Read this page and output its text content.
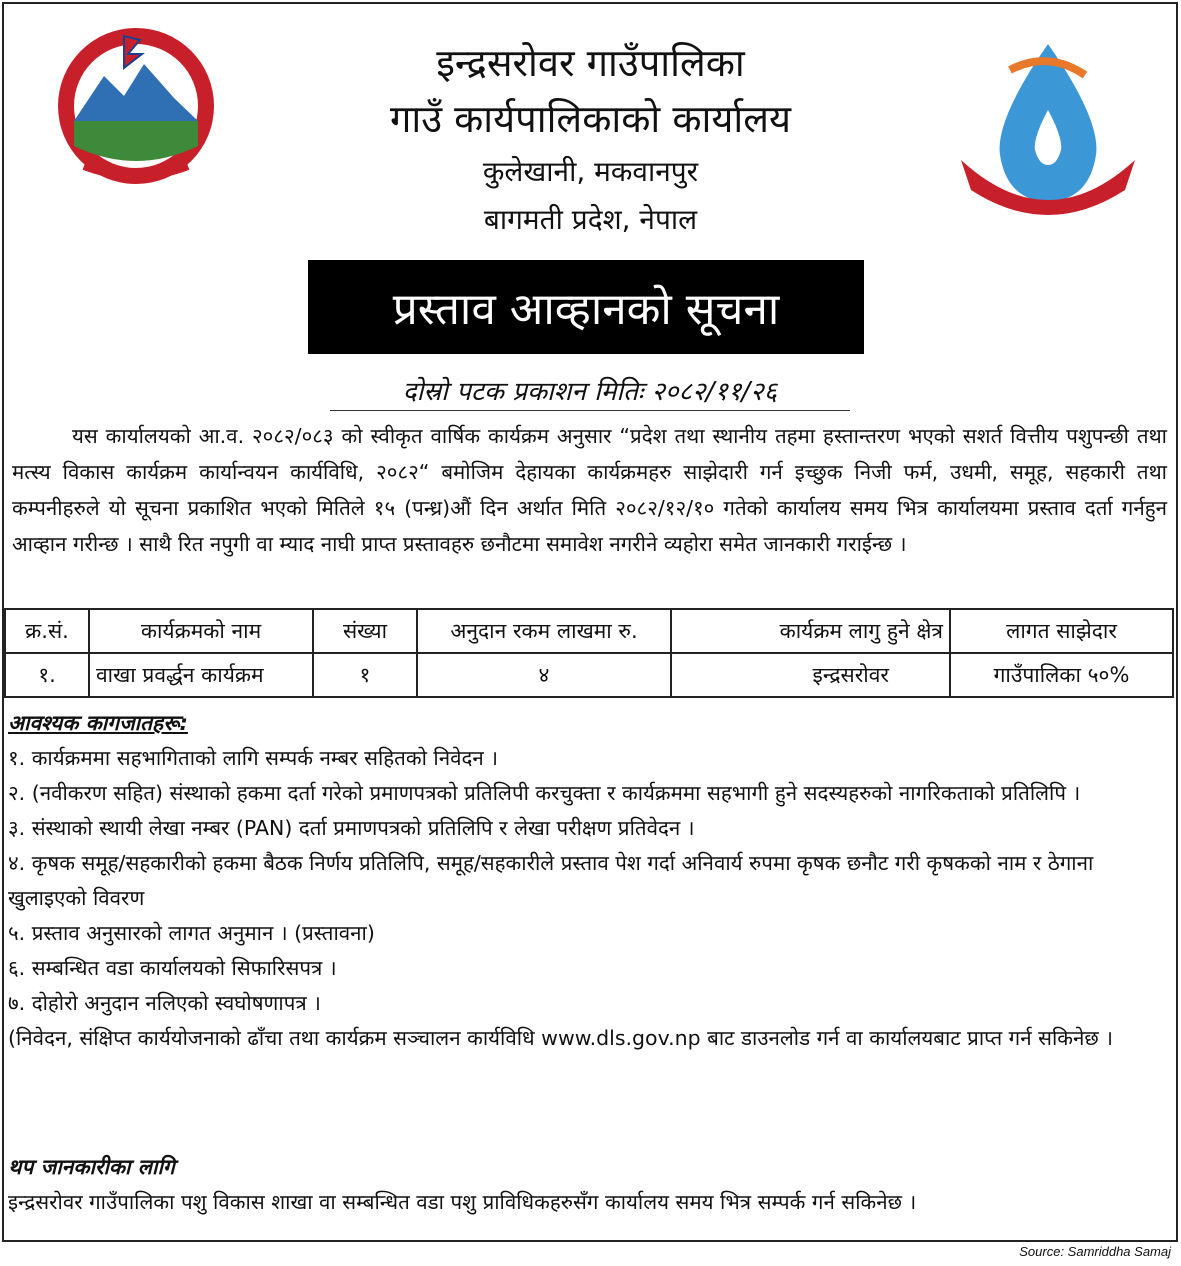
इन्द्रसरोवर गाउँपालिका
गाउँ कार्यपालिकाको कार्यालय
कुलेखानी, मकवानपुर
बागमती प्रदेश, नेपाल
प्रस्ताव आव्हानको सूचना
दोस्रो पटक प्रकाशन मितिः २०८२/११/२६
यस कार्यालयको आ.व. २०८२/०८३ को स्वीकृत वार्षिक कार्यक्रम अनुसार “प्रदेश तथा स्थानीय तहमा हस्तान्तरण भएको सशर्त वित्तीय पशुपन्छी तथा मत्स्य विकास कार्यक्रम कार्यान्वयन कार्यविधि, २०८२“ बमोजिम देहायका कार्यक्रमहरु साझेदारी गर्न इच्छुक निजी फर्म, उधमी, समूह, सहकारी तथा कम्पनीहरुले यो सूचना प्रकाशित भएको मितिले १५ (पन्ध्र)औं दिन अर्थात मिति २०८२/१२/१० गतेको कार्यालय समय भित्र कार्यालयमा प्रस्ताव दर्ता गर्नहुन आव्हान गरीन्छ । साथै रित नपुगी वा म्याद नाघी प्राप्त प्रस्तावहरु छनौटमा समावेश नगरीने व्यहोरा समेत जानकारी गराईन्छ ।
क्र.सं.	कार्यक्रमको नाम	संख्या	अनुदान रकम लाखमा रु.	कार्यक्रम लागु हुने क्षेत्र	लागत साझेदार
१.	वाखा प्रवर्द्धन कार्यक्रम	१	४	इन्द्रसरोवर	गाउँपालिका ५०%
आवश्यक कागजातहरू:
१. कार्यक्रममा सहभागिताको लागि सम्पर्क नम्बर सहितको निवेदन ।
२. (नवीकरण सहित) संस्थाको हकमा दर्ता गरेको प्रमाणपत्रको प्रतिलिपी करचुक्ता र कार्यक्रममा सहभागी हुने सदस्यहरुको नागरिकताको प्रतिलिपि ।
३. संस्थाको स्थायी लेखा नम्बर (PAN) दर्ता प्रमाणपत्रको प्रतिलिपि र लेखा परीक्षण प्रतिवेदन ।
४. कृषक समूह/सहकारीको हकमा बैठक निर्णय प्रतिलिपि, समूह/सहकारीले प्रस्ताव पेश गर्दा अनिवार्य रुपमा कृषक छनौट गरी कृषकको नाम र ठेगाना खुलाइएको विवरण
५. प्रस्ताव अनुसारको लागत अनुमान । (प्रस्तावना)
६. सम्बन्धित वडा कार्यालयको सिफारिसपत्र ।
७. दोहोरो अनुदान नलिएको स्वघोषणापत्र ।
(निवेदन, संक्षिप्त कार्ययोजनाको ढाँचा तथा कार्यक्रम सञ्चालन कार्यविधि www.dls.gov.np बाट डाउनलोड गर्न वा कार्यालयबाट प्राप्त गर्न सकिनेछ ।
थप जानकारीका लागि
इन्द्रसरोवर गाउँपालिका पशु विकास शाखा वा सम्बन्धित वडा पशु प्राविधिकहरुसँग कार्यालय समय भित्र सम्पर्क गर्न सकिनेछ ।
Source: Samriddha Samaj
